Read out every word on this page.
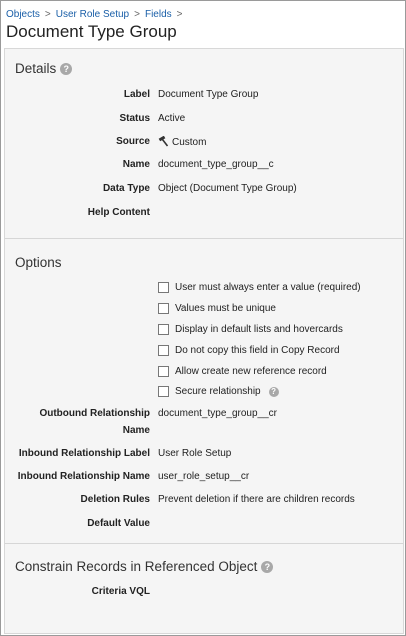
Objects > User Role Setup > Fields >
Document Type Group
Details ?
Label Document Type Group
Status Active
Source	Custom
Name document_type_group__c
Data Type Object (Document Type Group)
Help Content
Options
User must always enter a value (required)
Values must be unique
Display in default lists and hovercards
Do not copy this field in Copy Record
Allow create new reference record
Secure relationship	?
Outbound Relationship
Name
document_type_group__cr
Inbound Relationship Label User Role Setup
Inbound Relationship Name user_role_setup__cr
Deletion Rules Prevent deletion if there are children records
Default Value
Constrain Records in Referenced Object ?
Criteria VQL
